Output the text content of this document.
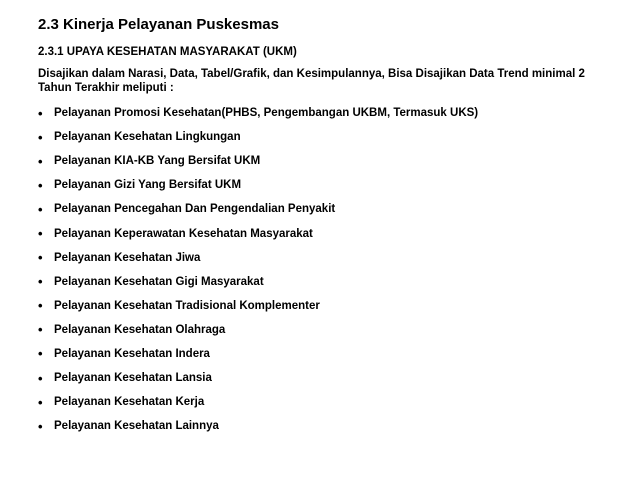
2.3 Kinerja Pelayanan Puskesmas
2.3.1 UPAYA KESEHATAN MASYARAKAT (UKM)
Disajikan dalam Narasi, Data, Tabel/Grafik, dan Kesimpulannya, Bisa Disajikan Data Trend minimal 2 Tahun Terakhir meliputi :
• Pelayanan Promosi Kesehatan(PHBS, Pengembangan UKBM, Termasuk UKS)
• Pelayanan Kesehatan Lingkungan
• Pelayanan KIA-KB Yang Bersifat UKM
• Pelayanan Gizi Yang Bersifat UKM
• Pelayanan Pencegahan Dan Pengendalian Penyakit
• Pelayanan Keperawatan Kesehatan Masyarakat
• Pelayanan Kesehatan Jiwa
• Pelayanan Kesehatan Gigi Masyarakat
• Pelayanan Kesehatan Tradisional Komplementer
• Pelayanan Kesehatan Olahraga
• Pelayanan Kesehatan Indera
• Pelayanan Kesehatan Lansia
• Pelayanan Kesehatan Kerja
• Pelayanan Kesehatan Lainnya
